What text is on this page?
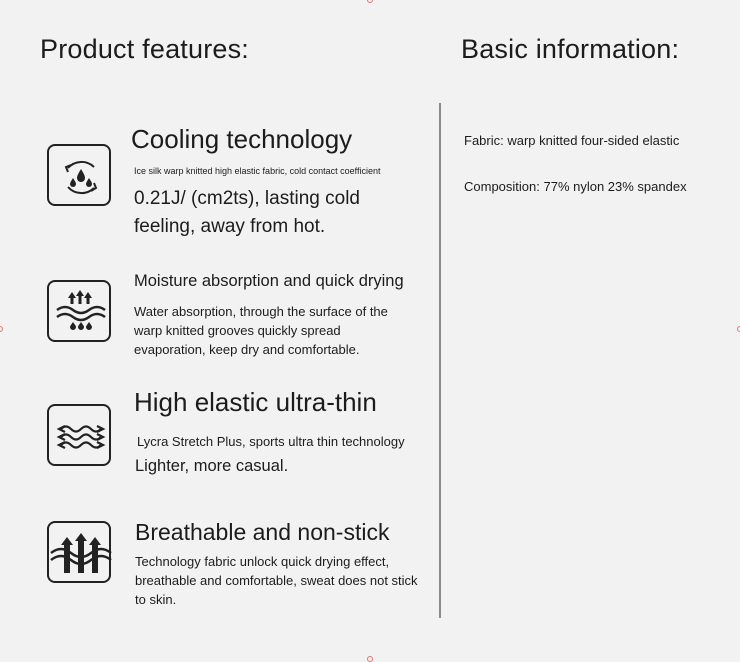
Product features:	Basic information:
Cooling technology
Ice silk warp knitted high elastic fabric, cold contact coefficient
0.21J/ (cm2ts), lasting cold feeling, away from hot.
Moisture absorption and quick drying
Water absorption, through the surface of the warp knitted grooves quickly spread evaporation, keep dry and comfortable.
High elastic ultra-thin
Lycra Stretch Plus, sports ultra thin technology
Lighter, more casual.
Breathable and non-stick
Technology fabric unlock quick drying effect, breathable and comfortable, sweat does not stick to skin.
Fabric: warp knitted four-sided elastic
Composition: 77% nylon 23% spandex
